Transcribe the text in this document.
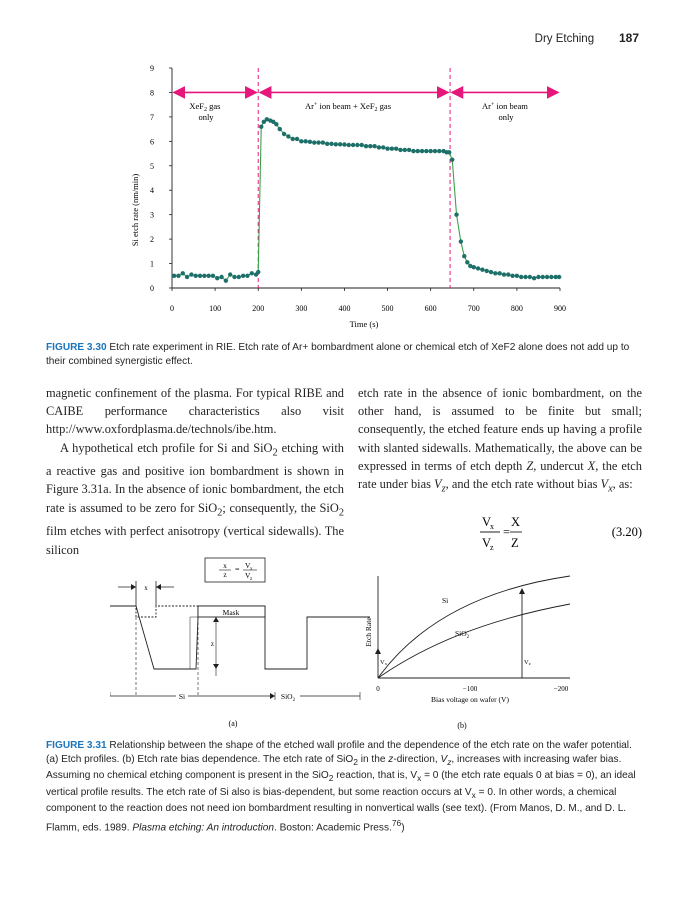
Dry Etching 187
0	100	200	300	400	500	600	700	800	900
0
1
2
3
4
5
6
7
8
9
XeF$_2$ gas only
Ar+ ion beam + XeF$_2$ gas	Ar+ ion beam only
Time (s)
Si etch rate (nm/min)
FIGURE 3.30 Etch rate experiment in RIE. Etch rate of Ar+ bombardment alone or chemical etch of XeF2 alone does not add up to their combined synergistic effect.

magnetic confinement of the plasma. For typical RIBE and CAIBE performance characteristics also visit http://www.oxfordplasma.de/technols/ibe.htm.

A hypothetical etch profile for Si and SiO$_2$ etching with a reactive gas and positive ion bombardment is shown in Figure 3.31a. In the absence of ionic bombardment, the etch rate is assumed to be zero for SiO$_2$; consequently, the SiO$_2$ film etches with perfect anisotropy (vertical sidewalls). The silicon

etch rate in the absence of ionic bombardment, on the other hand, is assumed to be finite but small; consequently, the etched feature ends up having a profile with slanted sidewalls. Mathematically, the above can be expressed in terms of etch depth Z, undercut X, the etch rate under bias $V_z$, and the etch rate without bias $V_x$, as:

V
x
V
z
=
X
Z
(3.20)
x
z
= V x
V z
x
Mask
z
Si	SiO$_2$
(a)
Si
SiO$_2$
Vx	Vz
Etch Rate
0	−100	−200
Bias voltage on wafer (V)
(b)
FIGURE 3.31 Relationship between the shape of the etched wall profile and the dependence of the etch rate on the wafer potential. (a) Etch profiles. (b) Etch rate bias dependence. The etch rate of SiO$_2$ in the z-direction, $V_z$, increases with increasing wafer bias. Assuming no chemical etching component is present in the SiO$_2$ reaction, that is, $V_x = 0$ (the etch rate equals 0 at bias = 0), an ideal vertical profile results. The etch rate of Si also is bias-dependent, but some reaction occurs at $V_x = 0$. In other words, a chemical component to the reaction does not need ion bombardment resulting in nonvertical walls (see text). (From Manos, D. M., and D. L. Flamm, eds. 1989. Plasma etching: An introduction. Boston: Academic Press.$^{76}$)
